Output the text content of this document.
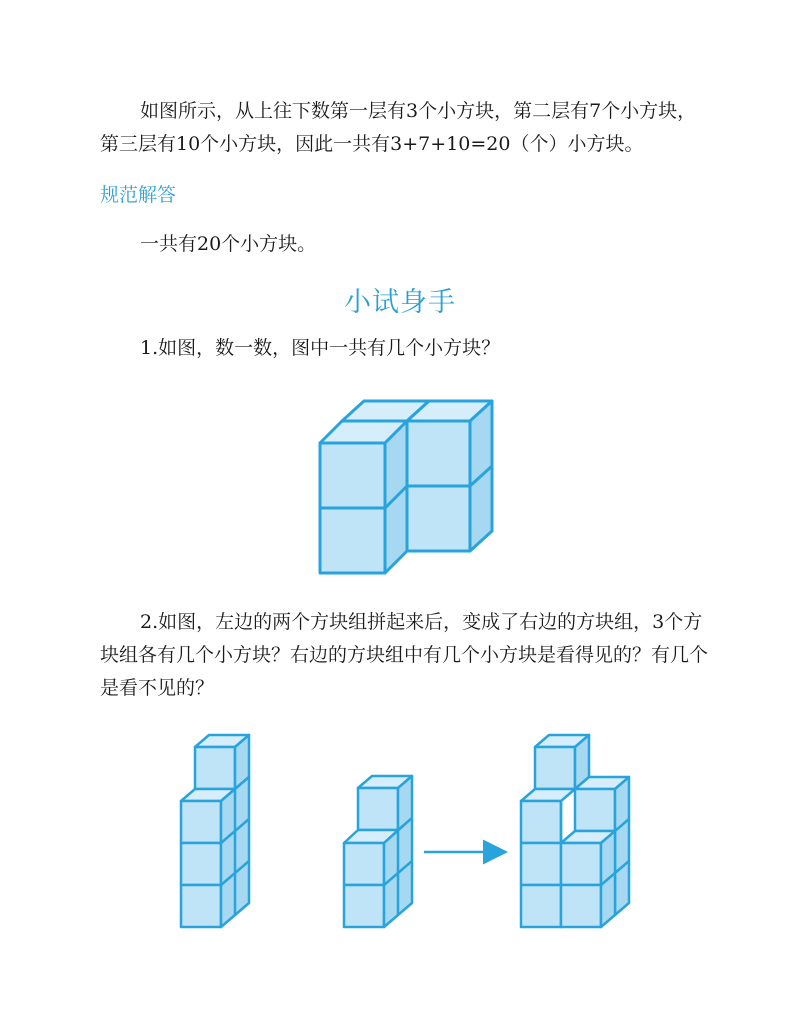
如图所示，从上往下数第一层有3个小方块，第二层有7个小方块，第三层有10个小方块，因此一共有3+7+10=20（个）小方块。

规范解答

一共有20个小方块。

小试身手

1.如图，数一数，图中一共有几个小方块？

2.如图，左边的两个方块组拼起来后，变成了右边的方块组，3个方块组各有几个小方块？右边的方块组中有几个小方块是看得见的？有几个是看不见的？
